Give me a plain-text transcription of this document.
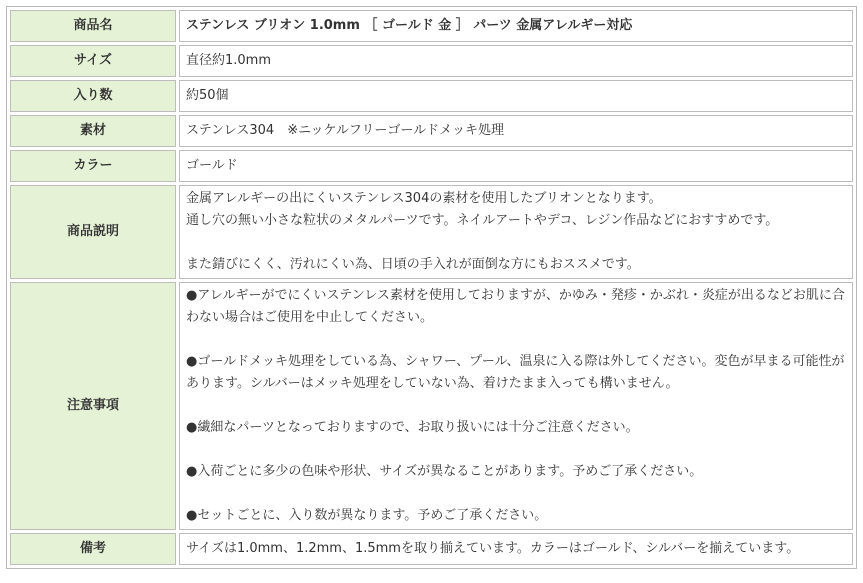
商品名	ステンレス ブリオン 1.0mm ［ ゴールド 金 ］ パーツ 金属アレルギー対応
サイズ	直径約1.0mm
入り数	約50個
素材	ステンレス304　※ニッケルフリーゴールドメッキ処理
カラー	ゴールド
商品説明	金属アレルギーの出にくいステンレス304の素材を使用したブリオンとなります。

通し穴の無い小さな粒状のメタルパーツです。ネイルアートやデコ、レジン作品などにおすすめです。

また錆びにくく、汚れにくい為、日頃の手入れが面倒な方にもおススメです。

注意事項	●アレルギーがでにくいステンレス素材を使用しておりますが、かゆみ・発疹・かぶれ・炎症が出るなどお肌に合わない場合はご使用を中止してください。

●ゴールドメッキ処理をしている為、シャワー、プール、温泉に入る際は外してください。変色が早まる可能性があります。シルバーはメッキ処理をしていない為、着けたまま入っても構いません。

●繊細なパーツとなっておりますので、お取り扱いには十分ご注意ください。

●入荷ごとに多少の色味や形状、サイズが異なることがあります。予めご了承ください。

●セットごとに、入り数が異なります。予めご了承ください。

備考	サイズは1.0mm、1.2mm、1.5mmを取り揃えています。カラーはゴールド、シルバーを揃えています。
